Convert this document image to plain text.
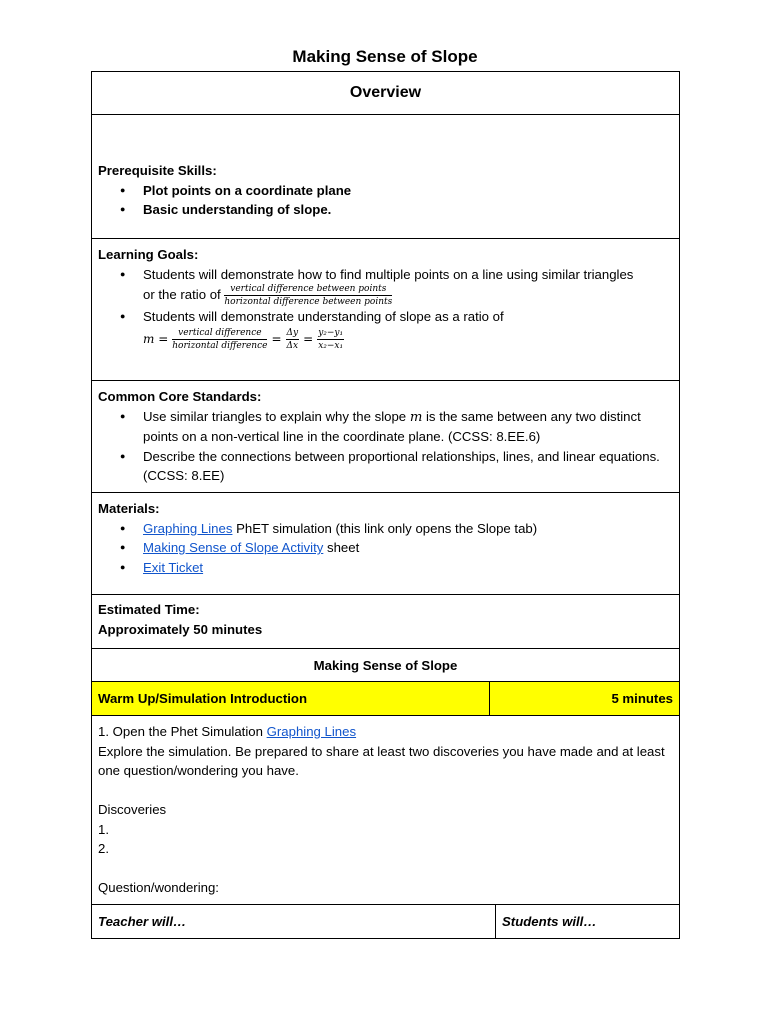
Making Sense of Slope
Overview
Prerequisite Skills:
● Plot points on a coordinate plane
● Basic understanding of slope.
Learning Goals:
● Students will demonstrate how to find multiple points on a line using similar triangles
or the ratio of $\frac{\text{vertical difference between points}}{\text{horizontal difference between points}}$
● Students will demonstrate understanding of slope as a ratio of
$m = \frac{\text{vertical difference}}{\text{horizontal difference}} = \frac{\Delta y}{\Delta x} = \frac{\text{y₂−y₁}}{\text{x₂−x₁}}$
Common Core Standards:
● Use similar triangles to explain why the slope m is the same between any two distinct points on a non-vertical line in the coordinate plane. (CCSS: 8.EE.6)
● Describe the connections between proportional relationships, lines, and linear equations. (CCSS: 8.EE)
Materials:
● Graphing Lines PhET simulation (this link only opens the Slope tab)
● Making Sense of Slope Activity sheet
● Exit Ticket
Estimated Time:
Approximately 50 minutes
Making Sense of Slope
Warm Up/Simulation Introduction	5 minutes
1. Open the Phet Simulation Graphing Lines
Explore the simulation. Be prepared to share at least two discoveries you have made and at least one question/wondering you have.
Discoveries
1.
2.
Question/wondering:
Teacher will…	Students will…
